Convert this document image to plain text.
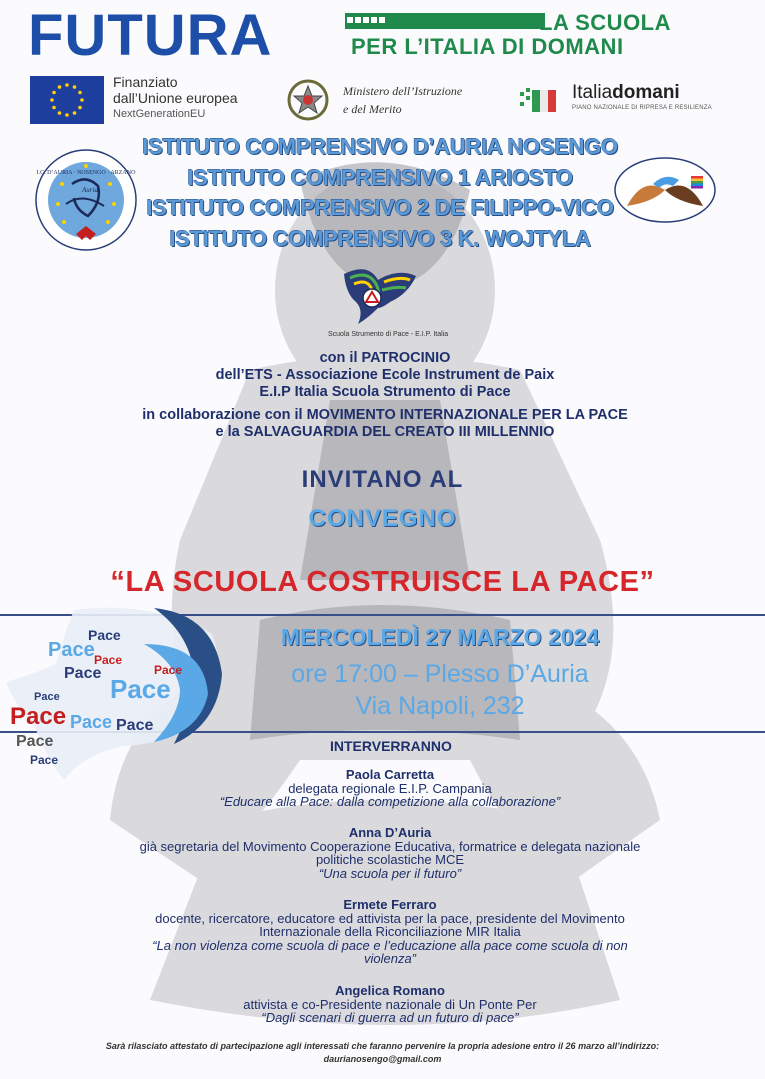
FUTURA	LA SCUOLA
PER L’ITALIA DI DOMANI
Finanziato
dall’Unione europea
NextGenerationEU
Ministero dell’Istruzione
e del Merito
Italiadomani
PIANO NAZIONALE DI RIPRESA E RESILIENZA
I.C. D’AURIA · NOSENGO · ARZANO
Auria
ISTITUTO COMPRENSIVO D’AURIA NOSENGO
ISTITUTO COMPRENSIVO 1 ARIOSTO
ISTITUTO COMPRENSIVO 2 DE FILIPPO-VICO
ISTITUTO COMPRENSIVO 3 K. WOJTYLA
Scuola Strumento di Pace - E.I.P. Italia
con il PATROCINIO
dell’ETS - Associazione Ecole Instrument de Paix
E.I.P Italia Scuola Strumento di Pace
in collaborazione con il MOVIMENTO INTERNAZIONALE PER LA PACE
e la SALVAGUARDIA DEL CREATO III MILLENNIO
INVITANO AL
CONVEGNO
“LA SCUOLA COSTRUISCE LA PACE”
Pace
Pace Pace
Pace
Pace
Pace Pace Pace
Pace
Pace
Pace
Pace
MERCOLEDÌ 27 MARZO 2024
ore 17:00 – Plesso D’Auria
Via Napoli, 232
INTERVERRANNO
Paola Carretta
delegata regionale E.I.P. Campania
“Educare alla Pace: dalla competizione alla collaborazione”
Anna D’Auria
già segretaria del Movimento Cooperazione Educativa, formatrice e delegata nazionale politiche scolastiche MCE
“Una scuola per il futuro”
Ermete Ferraro
docente, ricercatore, educatore ed attivista per la pace, presidente del Movimento Internazionale della Riconciliazione MIR Italia
“La non violenza come scuola di pace e l’educazione alla pace come scuola di non violenza”
Angelica Romano
attivista e co-Presidente nazionale di Un Ponte Per
“Dagli scenari di guerra ad un futuro di pace”
Sarà rilasciato attestato di partecipazione agli interessati che faranno pervenire la propria adesione entro il 26 marzo all’indirizzo:
daurianosengo@gmail.com
